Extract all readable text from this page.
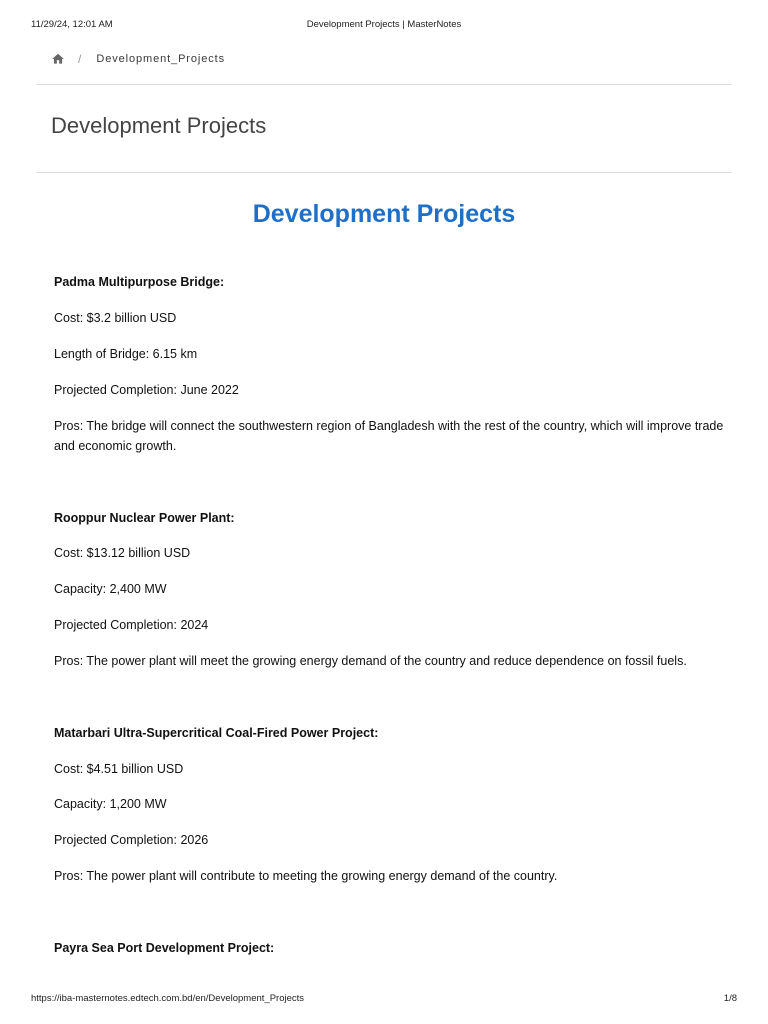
11/29/24, 12:01 AM	Development Projects | MasterNotes
/ Development_Projects
Development Projects
Development Projects

Padma Multipurpose Bridge:

Cost: $3.2 billion USD

Length of Bridge: 6.15 km

Projected Completion: June 2022

Pros: The bridge will connect the southwestern region of Bangladesh with the rest of the country, which will improve trade and economic growth.

Rooppur Nuclear Power Plant:

Cost: $13.12 billion USD

Capacity: 2,400 MW

Projected Completion: 2024

Pros: The power plant will meet the growing energy demand of the country and reduce dependence on fossil fuels.

Matarbari Ultra-Supercritical Coal-Fired Power Project:

Cost: $4.51 billion USD

Capacity: 1,200 MW

Projected Completion: 2026

Pros: The power plant will contribute to meeting the growing energy demand of the country.

Payra Sea Port Development Project:

https://iba-masternotes.edtech.com.bd/en/Development_Projects	1/8
